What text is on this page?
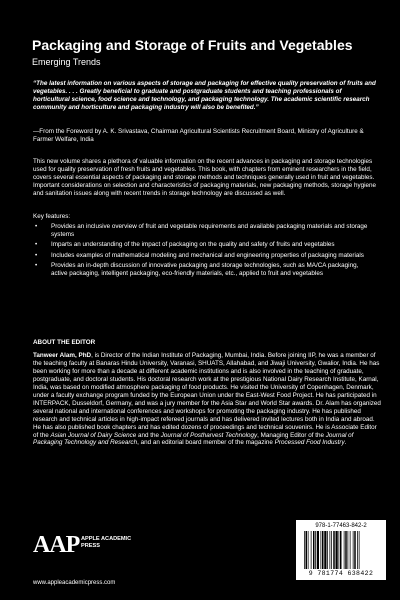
Packaging and Storage of Fruits and Vegetables
Emerging Trends
“The latest information on various aspects of storage and packaging for effective quality preservation of fruits and vegetables. . . . Greatly beneficial to graduate and postgraduate students and teaching professionals of horticultural science, food science and technology, and packaging technology. The academic scientific research community and horticulture and packaging industry will also be benefited.”
—From the Foreword by A. K. Srivastava, Chairman Agricultural Scientists Recruitment Board, Ministry of Agriculture & Farmer Welfare, India
This new volume shares a plethora of valuable information on the recent advances in packaging and storage technologies used for quality preservation of fresh fruits and vegetables. This book, with chapters from eminent researchers in the field, covers several essential aspects of packaging and storage methods and techniques generally used in fruit and vegetables. Important considerations on selection and characteristics of packaging materials, new packaging methods, storage hygiene and sanitation issues along with recent trends in storage technology are discussed as well.
Key features:
• Provides an inclusive overview of fruit and vegetable requirements and available packaging materials and storage systems
• Imparts an understanding of the impact of packaging on the quality and safety of fruits and vegetables
• Includes examples of mathematical modeling and mechanical and engineering properties of packaging materials
• Provides an in-depth discussion of innovative packaging and storage technologies, such as MA/CA packaging, active packaging, intelligent packaging, eco-friendly materials, etc., applied to fruit and vegetables
ABOUT THE EDITOR
Tanweer Alam, PhD, is Director of the Indian Institute of Packaging, Mumbai, India. Before joining IIP, he was a member of the teaching faculty at Banaras Hindu University, Varanasi, SHUATS, Allahabad, and Jiwaji University, Gwalior, India. He has been working for more than a decade at different academic institutions and is also involved in the teaching of graduate, postgraduate, and doctoral students. His doctoral research work at the prestigious National Dairy Research Institute, Karnal, India, was based on modified atmosphere packaging of food products. He visited the University of Copenhagen, Denmark, under a faculty exchange program funded by the European Union under the East-West Food Project. He has participated in INTERPACK, Dusseldorf, Germany, and was a jury member for the Asia Star and World Star awards. Dr. Alam has organized several national and international conferences and workshops for promoting the packaging industry. He has published research and technical articles in high-impact refereed journals and has delivered invited lectures both in India and abroad. He has also published book chapters and has edited dozens of proceedings and technical souvenirs. He is Associate Editor of the Asian Journal of Dairy Science and the Journal of Postharvest Technology, Managing Editor of the Journal of Packaging Technology and Research, and an editorial board member of the magazine Processed Food Industry.
AAP APPLE ACADEMIC PRESS
www.appleacademicpress.com
978-1-77463-842-2
9 781774 638422
